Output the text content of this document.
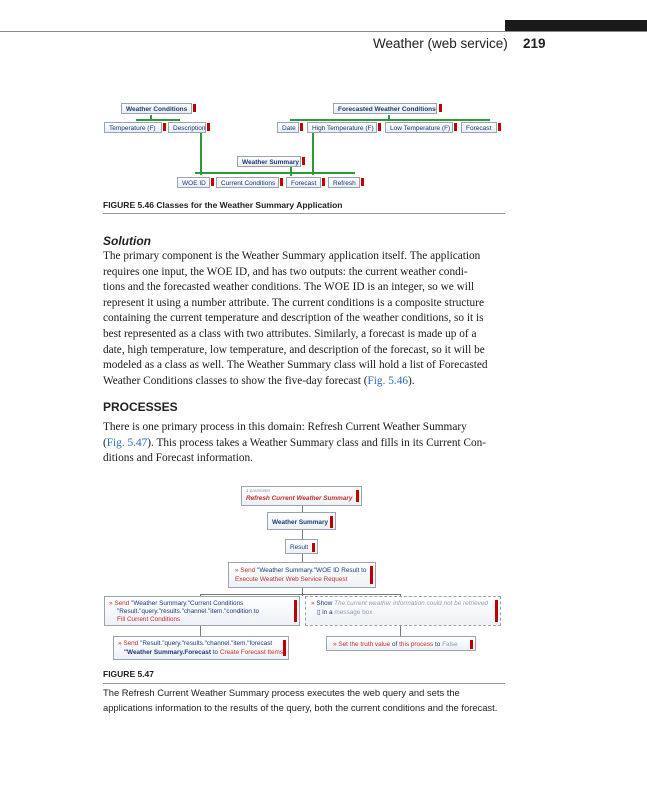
Weather (web service)	219
Weather Conditions	Forecasted Weather Conditions
Temperature (F)	Description	Date	High Temperature (F)	Low Temperature (F)	Forecast
Weather Summary
WOE ID	Current Conditions	Forecast	Refresh
FIGURE 5.46 Classes for the Weather Summary Application
Solution
The primary component is the Weather Summary application itself. The application
requires one input, the WOE ID, and has two outputs: the current weather condi-
tions and the forecasted weather conditions. The WOE ID is an integer, so we will
represent it using a number attribute. The current conditions is a composite structure
containing the current temperature and description of the weather conditions, so it is
best represented as a class with two attributes. Similarly, a forecast is made up of a
date, high temperature, low temperature, and description of the forecast, so it will be
modeled as a class as well. The Weather Summary class will hold a list of Forecasted
Weather Conditions classes to show the five-day forecast (Fig. 5.46).
PROCESSES
There is one primary process in this domain: Refresh Current Weather Summary
(Fig. 5.47). This process takes a Weather Summary class and fills in its Current Con-
ditions and Forecast information.
1 parameter
Refresh Current Weather Summary
Weather Summary
Result
» Send "Weather Summary."WOE ID Result to
Execute Weather Web Service Request
» Send "Weather Summary."Current Conditions
"Result."query."results."channel."item."condition to
Fill Current Conditions
» Show The current weather information could not be retrieved
▯ in a message box
» Send "Result."query."results."channel."item."forecast
"Weather Summary.Forecast to Create Forecast Items
» Set the truth value of this process to False
FIGURE 5.47
The Refresh Current Weather Summary process executes the web query and sets the applications information to the results of the query, both the current conditions and the forecast.
